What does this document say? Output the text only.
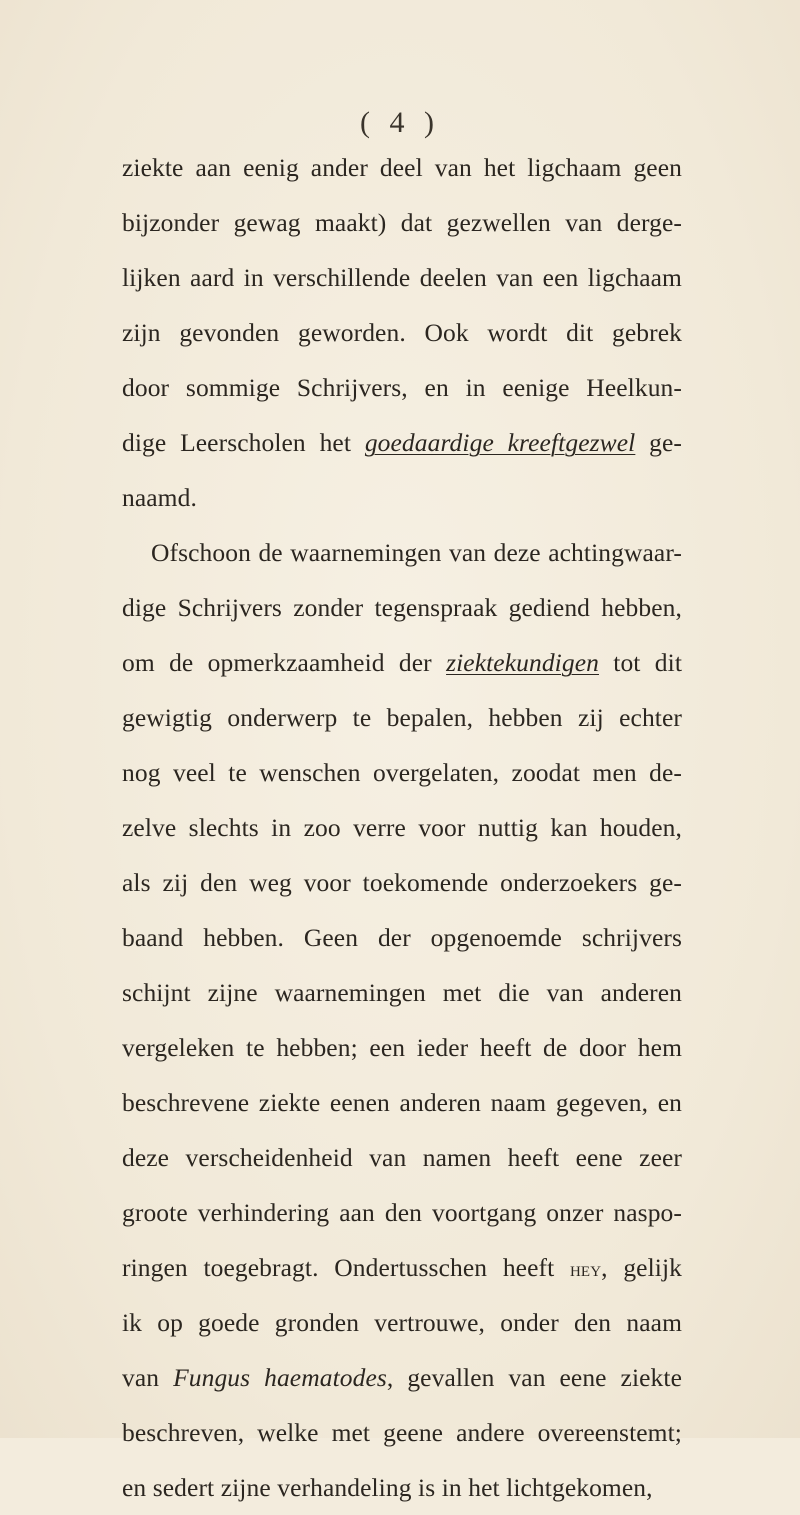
( 4 )
ziekte aan eenig ander deel van het ligchaam geen
bijzonder gewag maakt) dat gezwellen van derge-
lijken aard in verschillende deelen van een ligchaam
zijn gevonden geworden. Ook wordt dit gebrek
door sommige Schrijvers, en in eenige Heelkun-
dige Leerscholen het goedaardige kreeftgezwel ge-
naamd.
Ofschoon de waarnemingen van deze achtingwaar-
dige Schrijvers zonder tegenspraak gediend hebben,
om de opmerkzaamheid der ziektekundigen tot dit
gewigtig onderwerp te bepalen, hebben zij echter
nog veel te wenschen overgelaten, zoodat men de-
zelve slechts in zoo verre voor nuttig kan houden,
als zij den weg voor toekomende onderzoekers ge-
baand hebben. Geen der opgenoemde schrijvers
schijnt zijne waarnemingen met die van anderen
vergeleken te hebben; een ieder heeft de door hem
beschrevene ziekte eenen anderen naam gegeven, en
deze verscheidenheid van namen heeft eene zeer
groote verhindering aan den voortgang onzer naspo-
ringen toegebragt. Ondertusschen heeft hey, gelijk
ik op goede gronden vertrouwe, onder den naam
van Fungus haematodes, gevallen van eene ziekte
beschreven, welke met geene andere overeenstemt;
en sedert zijne verhandeling is in het lichtgekomen,
